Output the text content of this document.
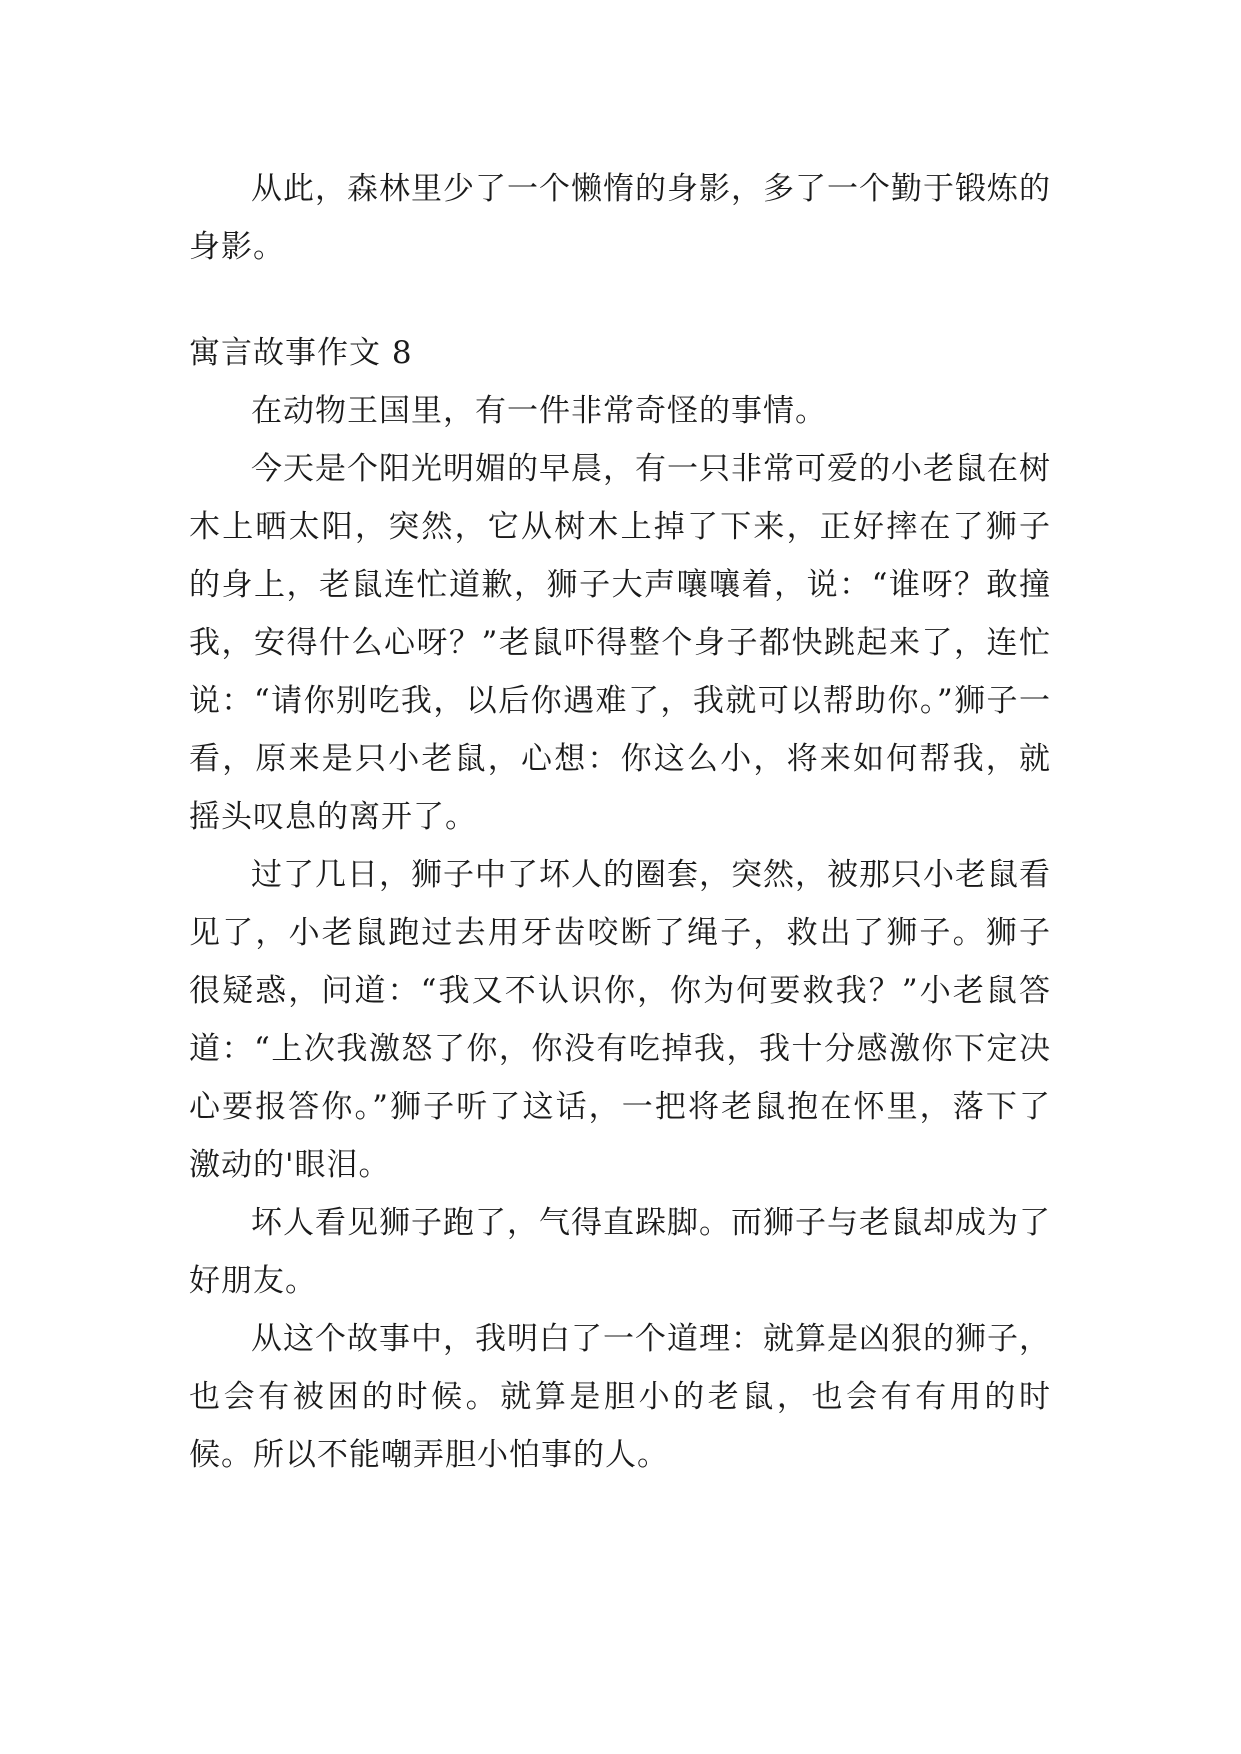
从此，森林里少了一个懒惰的身影，多了一个勤于锻炼的身影。

寓言故事作文 8

在动物王国里，有一件非常奇怪的事情。

今天是个阳光明媚的早晨，有一只非常可爱的小老鼠在树木上晒太阳，突然，它从树木上掉了下来，正好摔在了狮子的身上，老鼠连忙道歉，狮子大声嚷嚷着，说：“谁呀？敢撞我，安得什么心呀？”老鼠吓得整个身子都快跳起来了，连忙说：“请你别吃我，以后你遇难了，我就可以帮助你。”狮子一看，原来是只小老鼠，心想：你这么小，将来如何帮我，就摇头叹息的离开了。

过了几日，狮子中了坏人的圈套，突然，被那只小老鼠看见了，小老鼠跑过去用牙齿咬断了绳子，救出了狮子。狮子很疑惑，问道：“我又不认识你，你为何要救我？”小老鼠答道：“上次我激怒了你，你没有吃掉我，我十分感激你下定决心要报答你。”狮子听了这话，一把将老鼠抱在怀里，落下了激动的'眼泪。

坏人看见狮子跑了，气得直跺脚。而狮子与老鼠却成为了好朋友。

从这个故事中，我明白了一个道理：就算是凶狠的狮子，也会有被困的时候。就算是胆小的老鼠，也会有有用的时候。所以不能嘲弄胆小怕事的人。
